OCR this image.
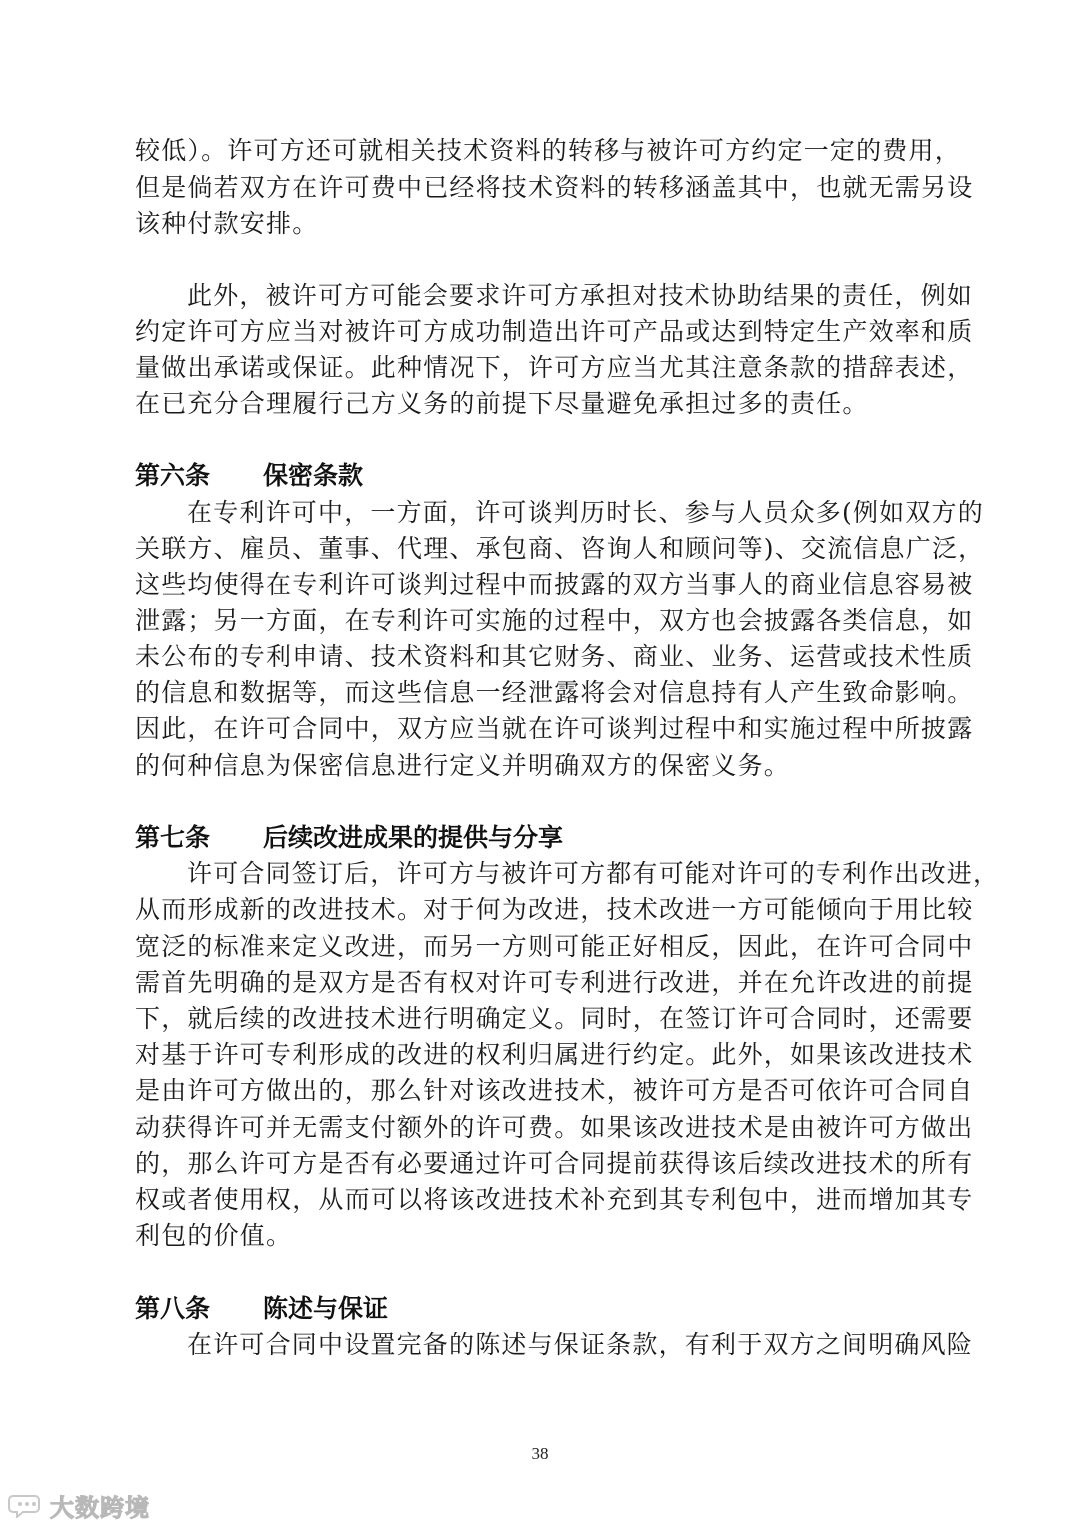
较低）。许可方还可就相关技术资料的转移与被许可方约定一定的费用，
但是倘若双方在许可费中已经将技术资料的转移涵盖其中，也就无需另设
该种付款安排。
此外，被许可方可能会要求许可方承担对技术协助结果的责任，例如
约定许可方应当对被许可方成功制造出许可产品或达到特定生产效率和质
量做出承诺或保证。此种情况下，许可方应当尤其注意条款的措辞表述，
在已充分合理履行己方义务的前提下尽量避免承担过多的责任。
第六条 保密条款
在专利许可中，一方面，许可谈判历时长、参与人员众多(例如双方的
关联方、雇员、董事、代理、承包商、咨询人和顾问等)、交流信息广泛，
这些均使得在专利许可谈判过程中而披露的双方当事人的商业信息容易被
泄露；另一方面，在专利许可实施的过程中，双方也会披露各类信息，如
未公布的专利申请、技术资料和其它财务、商业、业务、运营或技术性质
的信息和数据等，而这些信息一经泄露将会对信息持有人产生致命影响。
因此，在许可合同中，双方应当就在许可谈判过程中和实施过程中所披露
的何种信息为保密信息进行定义并明确双方的保密义务。
第七条 后续改进成果的提供与分享
许可合同签订后，许可方与被许可方都有可能对许可的专利作出改进，
从而形成新的改进技术。对于何为改进，技术改进一方可能倾向于用比较
宽泛的标准来定义改进，而另一方则可能正好相反，因此，在许可合同中
需首先明确的是双方是否有权对许可专利进行改进，并在允许改进的前提
下，就后续的改进技术进行明确定义。同时，在签订许可合同时，还需要
对基于许可专利形成的改进的权利归属进行约定。此外，如果该改进技术
是由许可方做出的，那么针对该改进技术，被许可方是否可依许可合同自
动获得许可并无需支付额外的许可费。如果该改进技术是由被许可方做出
的，那么许可方是否有必要通过许可合同提前获得该后续改进技术的所有
权或者使用权，从而可以将该改进技术补充到其专利包中，进而增加其专
利包的价值。
第八条 陈述与保证
在许可合同中设置完备的陈述与保证条款，有利于双方之间明确风险
38
大数跨境
